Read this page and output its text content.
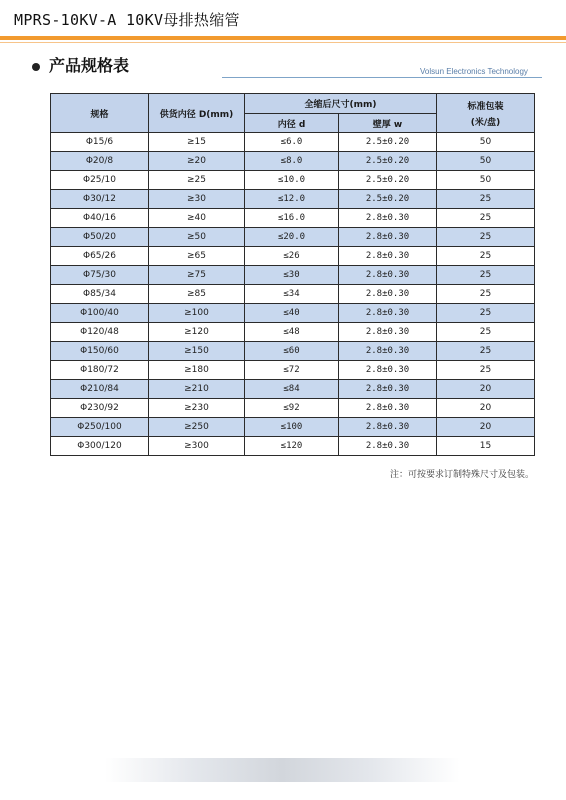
MPRS-10KV-A 10KV母排热缩管
产品规格表	Volsun Electronics Technology
规格	供货内径 D(mm)	全缩后尺寸(mm)		标准包装
(米/盘)

		内径 d	壁厚 w	
Φ15/6	≥15	≤6.0	2.5±0.20	50
Φ20/8	≥20	≤8.0	2.5±0.20	50
Φ25/10	≥25	≤10.0	2.5±0.20	50
Φ30/12	≥30	≤12.0	2.5±0.20	25
Φ40/16	≥40	≤16.0	2.8±0.30	25
Φ50/20	≥50	≤20.0	2.8±0.30	25
Φ65/26	≥65	≤26	2.8±0.30	25
Φ75/30	≥75	≤30	2.8±0.30	25
Φ85/34	≥85	≤34	2.8±0.30	25
Φ100/40	≥100	≤40	2.8±0.30	25
Φ120/48	≥120	≤48	2.8±0.30	25
Φ150/60	≥150	≤60	2.8±0.30	25
Φ180/72	≥180	≤72	2.8±0.30	25
Φ210/84	≥210	≤84	2.8±0.30	20
Φ230/92	≥230	≤92	2.8±0.30	20
Φ250/100	≥250	≤100	2.8±0.30	20
Φ300/120	≥300	≤120	2.8±0.30	15
注：可按要求订制特殊尺寸及包装。
